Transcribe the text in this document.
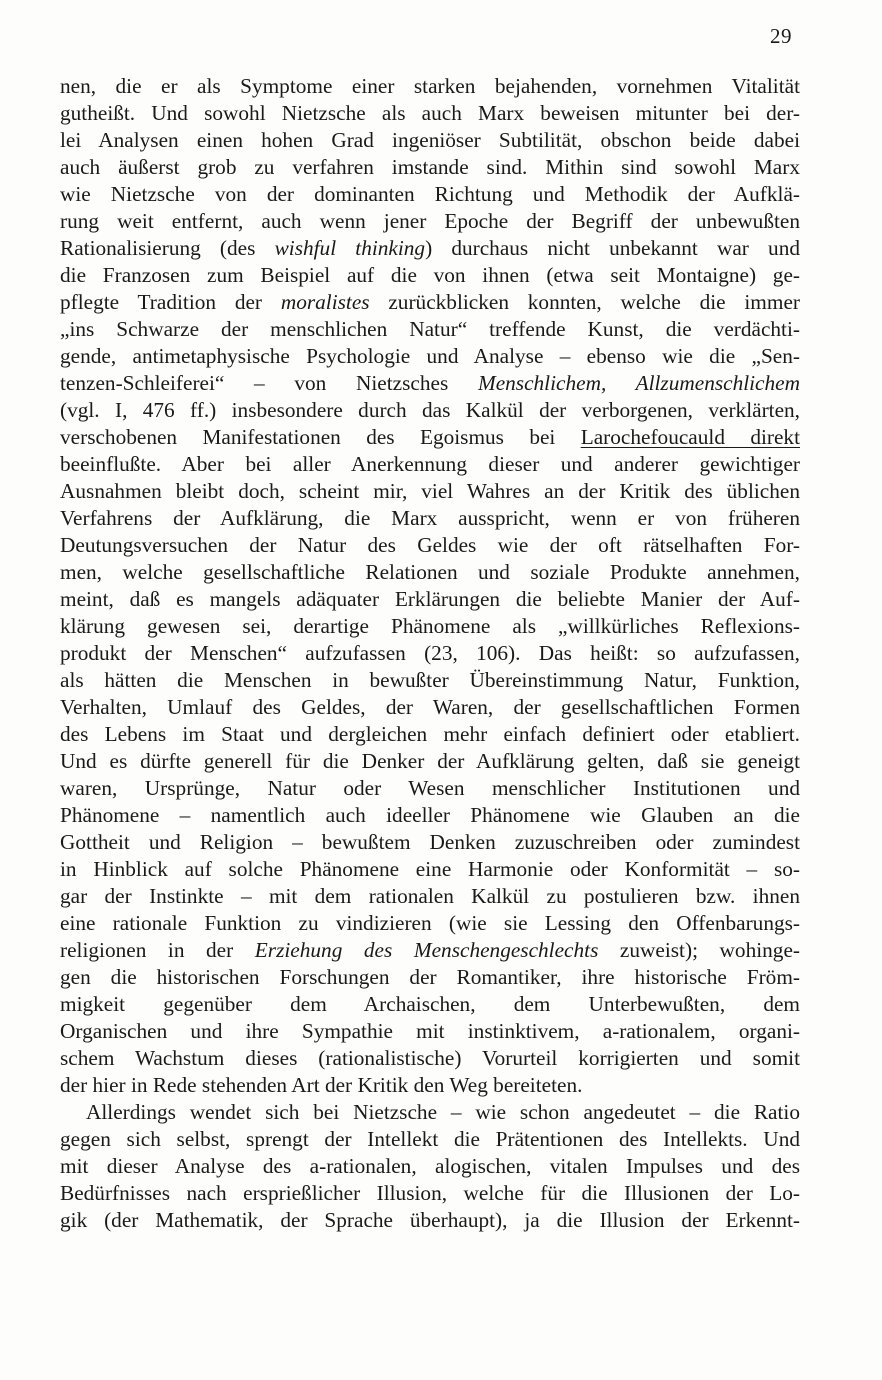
29
nen, die er als Symptome einer starken bejahenden, vornehmen Vitalität
gutheißt. Und sowohl Nietzsche als auch Marx beweisen mitunter bei der-
lei Analysen einen hohen Grad ingeniöser Subtilität, obschon beide dabei
auch äußerst grob zu verfahren imstande sind. Mithin sind sowohl Marx
wie Nietzsche von der dominanten Richtung und Methodik der Aufklä-
rung weit entfernt, auch wenn jener Epoche der Begriff der unbewußten
Rationalisierung (des wishful thinking) durchaus nicht unbekannt war und
die Franzosen zum Beispiel auf die von ihnen (etwa seit Montaigne) ge-
pflegte Tradition der moralistes zurückblicken konnten, welche die immer
„ins Schwarze der menschlichen Natur“ treffende Kunst, die verdächti-
gende, antimetaphysische Psychologie und Analyse – ebenso wie die „Sen-
tenzen-Schleiferei“ – von Nietzsches Menschlichem, Allzumenschlichem
(vgl. I, 476 ff.) insbesondere durch das Kalkül der verborgenen, verklärten,
verschobenen Manifestationen des Egoismus bei Larochefoucauld direkt
beeinflußte. Aber bei aller Anerkennung dieser und anderer gewichtiger
Ausnahmen bleibt doch, scheint mir, viel Wahres an der Kritik des üblichen
Verfahrens der Aufklärung, die Marx ausspricht, wenn er von früheren
Deutungsversuchen der Natur des Geldes wie der oft rätselhaften For-
men, welche gesellschaftliche Relationen und soziale Produkte annehmen,
meint, daß es mangels adäquater Erklärungen die beliebte Manier der Auf-
klärung gewesen sei, derartige Phänomene als „willkürliches Reflexions-
produkt der Menschen“ aufzufassen (23, 106). Das heißt: so aufzufassen,
als hätten die Menschen in bewußter Übereinstimmung Natur, Funktion,
Verhalten, Umlauf des Geldes, der Waren, der gesellschaftlichen Formen
des Lebens im Staat und dergleichen mehr einfach definiert oder etabliert.
Und es dürfte generell für die Denker der Aufklärung gelten, daß sie geneigt
waren, Ursprünge, Natur oder Wesen menschlicher Institutionen und
Phänomene – namentlich auch ideeller Phänomene wie Glauben an die
Gottheit und Religion – bewußtem Denken zuzuschreiben oder zumindest
in Hinblick auf solche Phänomene eine Harmonie oder Konformität – so-
gar der Instinkte – mit dem rationalen Kalkül zu postulieren bzw. ihnen
eine rationale Funktion zu vindizieren (wie sie Lessing den Offenbarungs-
religionen in der Erziehung des Menschengeschlechts zuweist); wohinge-
gen die historischen Forschungen der Romantiker, ihre historische Fröm-
migkeit gegenüber dem Archaischen, dem Unterbewußten, dem
Organischen und ihre Sympathie mit instinktivem, a-rationalem, organi-
schem Wachstum dieses (rationalistische) Vorurteil korrigierten und somit
der hier in Rede stehenden Art der Kritik den Weg bereiteten.
Allerdings wendet sich bei Nietzsche – wie schon angedeutet – die Ratio
gegen sich selbst, sprengt der Intellekt die Prätentionen des Intellekts. Und
mit dieser Analyse des a-rationalen, alogischen, vitalen Impulses und des
Bedürfnisses nach ersprießlicher Illusion, welche für die Illusionen der Lo-
gik (der Mathematik, der Sprache überhaupt), ja die Illusion der Erkennt-
